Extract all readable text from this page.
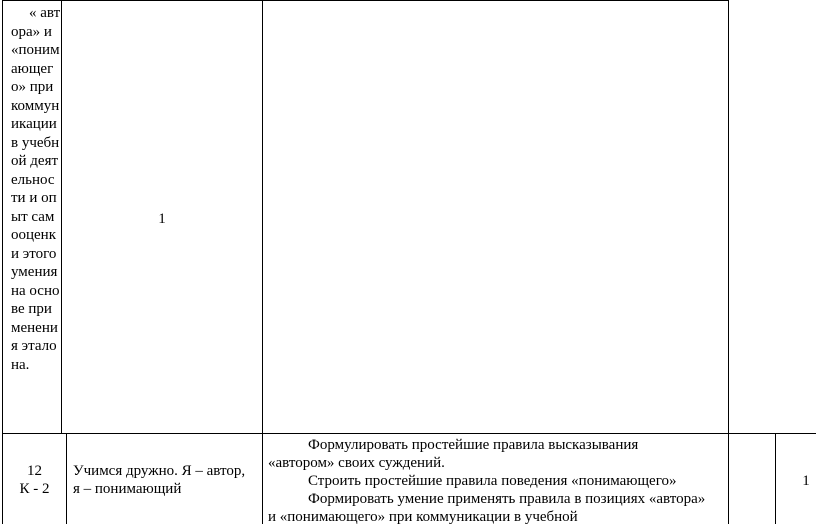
« автора» и «понимающего» при коммуникации в учебной деятельности и опыт самооценки этого умения на основе применения эталона.
1
12
К - 2
Учимся дружно. Я – автор, я – понимающий
Формулировать простейшие правила высказывания «автором» своих суждений.
Строить простейшие правила поведения «понимающего»
Формировать умение применять правила в позициях «автора» и «понимающего» при коммуникации в учебной
1
